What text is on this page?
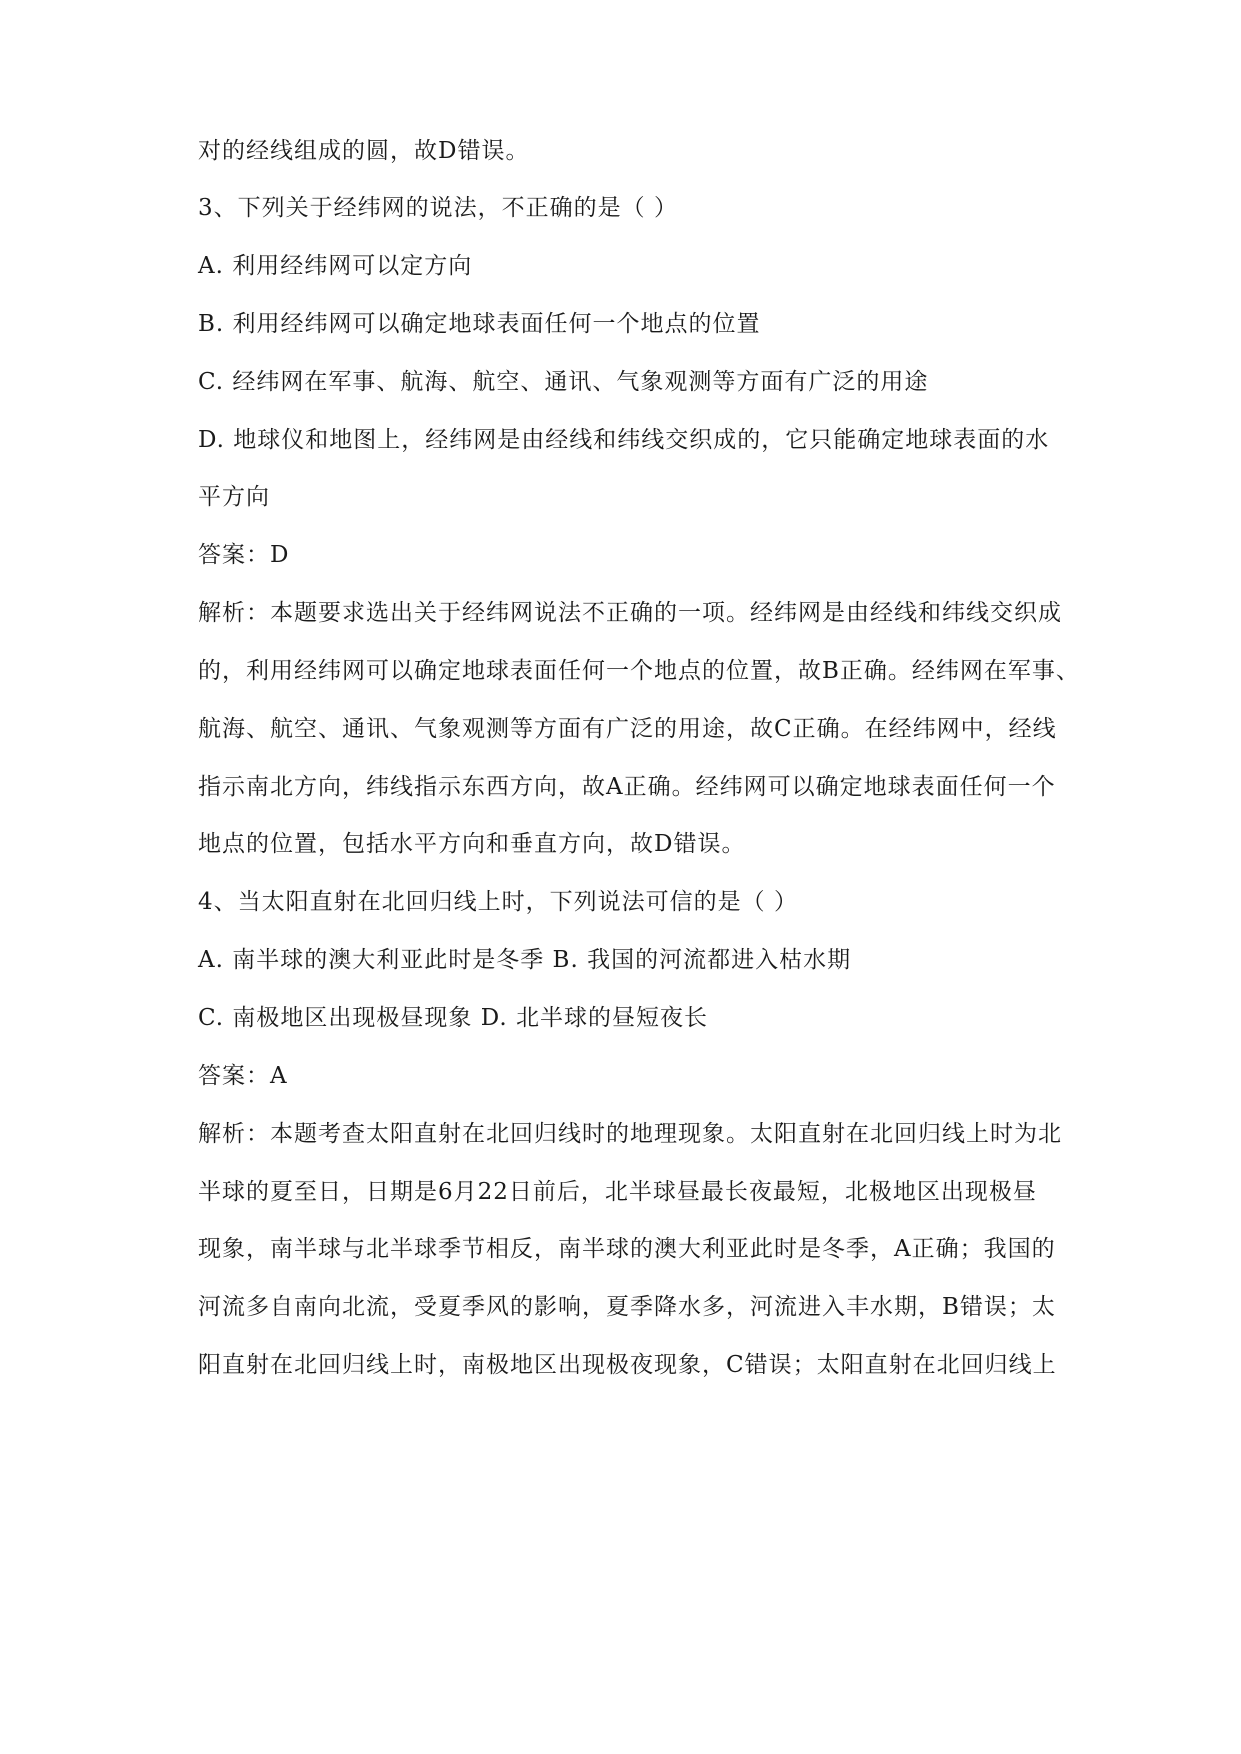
对的经线组成的圆，故D错误。
3、下列关于经纬网的说法，不正确的是（ ）
A. 利用经纬网可以定方向
B. 利用经纬网可以确定地球表面任何一个地点的位置
C. 经纬网在军事、航海、航空、通讯、气象观测等方面有广泛的用途
D. 地球仪和地图上，经纬网是由经线和纬线交织成的，它只能确定地球表面的水
平方向
答案：D
解析：本题要求选出关于经纬网说法不正确的一项。经纬网是由经线和纬线交织成
的，利用经纬网可以确定地球表面任何一个地点的位置，故B正确。经纬网在军事、
航海、航空、通讯、气象观测等方面有广泛的用途，故C正确。在经纬网中，经线
指示南北方向，纬线指示东西方向，故A正确。经纬网可以确定地球表面任何一个
地点的位置，包括水平方向和垂直方向，故D错误。
4、当太阳直射在北回归线上时，下列说法可信的是（ ）
A. 南半球的澳大利亚此时是冬季 B. 我国的河流都进入枯水期
C. 南极地区出现极昼现象 D. 北半球的昼短夜长
答案：A
解析：本题考查太阳直射在北回归线时的地理现象。太阳直射在北回归线上时为北
半球的夏至日，日期是6月22日前后，北半球昼最长夜最短，北极地区出现极昼
现象，南半球与北半球季节相反，南半球的澳大利亚此时是冬季，A正确；我国的
河流多自南向北流，受夏季风的影响，夏季降水多，河流进入丰水期，B错误；太
阳直射在北回归线上时，南极地区出现极夜现象，C错误；太阳直射在北回归线上
